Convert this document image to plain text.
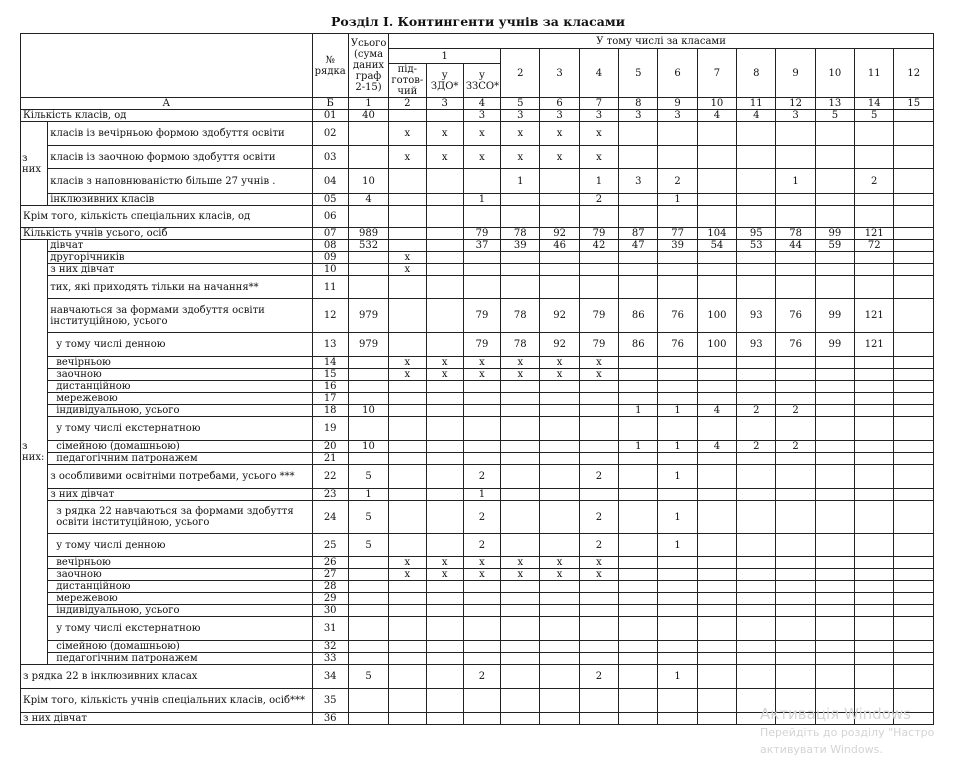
Розділ І. Контингенти учнів за класами
		№ рядка	Усього (сума даних граф 2-15)	У тому числі за класами													
				1			2	3	4	5	6	7	8	9	10	11	12
				під-готов-чий	у ЗДО*	у ЗЗСО*											
А		Б	1	2	3	4	5	6	7	8	9	10	11	12	13	14	15
Кількість класів, од		01	40			3	3	3	3	3	3	4	4	3	5	5	
з них	класів із вечірньою формою здобуття освіти	02		x	x	x	x	x	x								
	класів із заочною формою здобуття освіти	03		x	x	x	x	x	x								
	класів з наповнюваністю більше 27 учнів .	04	10				1		1	3	2			1		2	
	інклюзивних класів	05	4			1			2		1						
Крім того, кількість спеціальних класів, од		06															
Кількість учнів усього, осіб		07	989			79	78	92	79	87	77	104	95	78	99	121	
з них:	дівчат	08	532			37	39	46	42	47	39	54	53	44	59	72	
	другорічників	09		x													
	з них дівчат	10		x													
	тих, які приходять тільки на начання**	11															
	навчаються за формами здобуття освіти інституційною, усього	12	979			79	78	92	79	86	76	100	93	76	99	121	
	у тому числі денною	13	979			79	78	92	79	86	76	100	93	76	99	121	
	вечірньою	14		x	x	x	x	x	x								
	заочною	15		x	x	x	x	x	x								
	дистанційною	16															
	мережевою	17															
	індивідуальною, усього	18	10							1	1	4	2	2			
	у тому числі екстернатною	19															
	сімейною (домашньою)	20	10							1	1	4	2	2			
	педагогічним патронажем	21															
	з особливими освітніми потребами, усього ***	22	5			2			2		1						
	з них дівчат	23	1			1											
	з рядка 22 навчаються за формами здобуття освіти інституційною, усього	24	5			2			2		1						
	у тому числі денною	25	5			2			2		1						
	вечірньою	26		x	x	x	x	x	x								
	заочною	27		x	x	x	x	x	x								
	дистанційною	28															
	мережевою	29															
	індивідуальною, усього	30															
	у тому числі екстернатною	31															
	сімейною (домашньою)	32															
	педагогічним патронажем	33															
з рядка 22 в інклюзивних класах		34	5			2			2		1						
Крім того, кількість учнів спеціальних класів, осіб***		35															
з них дівчат		36																Активація Windows
Перейдіть до розділу "Настро
активувати Windows.
